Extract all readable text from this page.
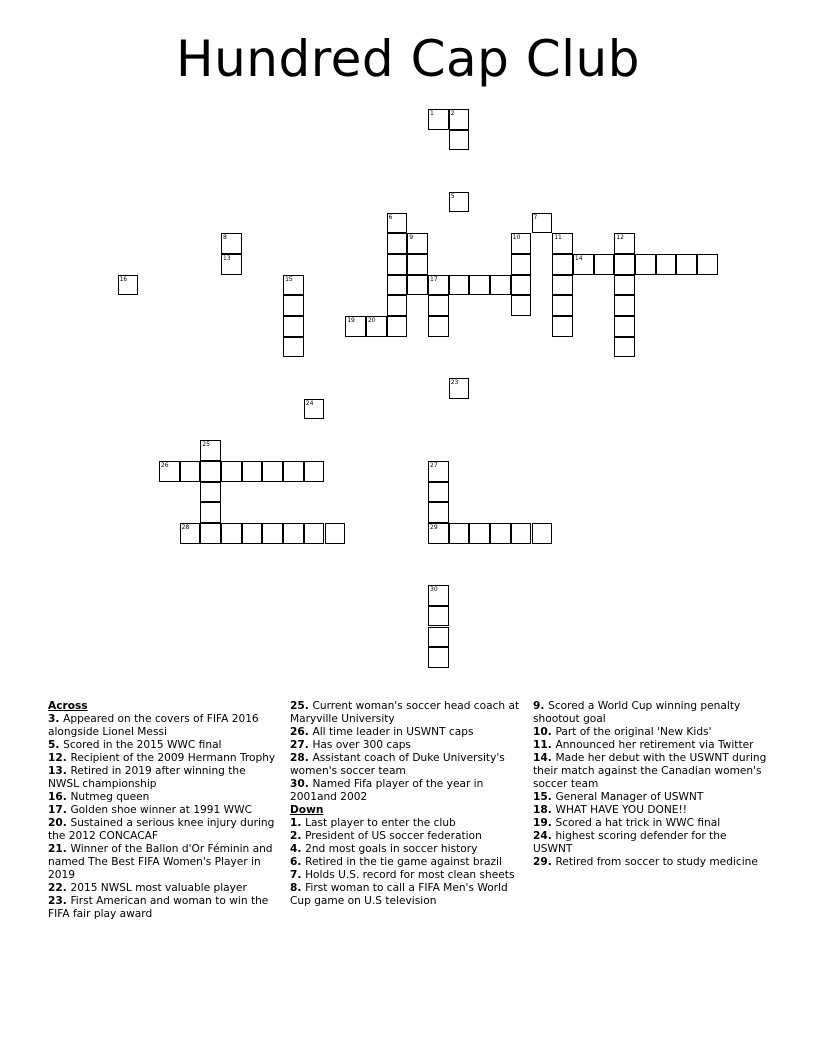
Hundred Cap Club
1	2
5
6	7
8
13
9	10	11	12
14
15
16	17
19 20
23
24
25
26	27
29
28
30

Across

3. Appeared on the covers of FIFA 2016 alongside Lionel Messi

5. Scored in the 2015 WWC final

12. Recipient of the 2009 Hermann Trophy

13. Retired in 2019 after winning the NWSL championship

16. Nutmeg queen

17. Golden shoe winner at 1991 WWC

20. Sustained a serious knee injury during the 2012 CONCACAF

21. Winner of the Ballon d'Or Féminin and named The Best FIFA Women's Player in 2019

22. 2015 NWSL most valuable player

23. First American and woman to win the FIFA fair play award

25. Current woman's soccer head coach at Maryville University

26. All time leader in USWNT caps

27. Has over 300 caps

28. Assistant coach of Duke University's women's soccer team

30. Named Fifa player of the year in 2001and 2002

Down

1. Last player to enter the club

2. President of US soccer federation

4. 2nd most goals in soccer history

6. Retired in the tie game against brazil

7. Holds U.S. record for most clean sheets

8. First woman to call a FIFA Men's World Cup game on U.S television

9. Scored a World Cup winning penalty shootout goal

10. Part of the original 'New Kids'

11. Announced her retirement via Twitter

14. Made her debut with the USWNT during their match against the Canadian women's soccer team

15. General Manager of USWNT

18. WHAT HAVE YOU DONE!!

19. Scored a hat trick in WWC final

24. highest scoring defender for the USWNT

29. Retired from soccer to study medicine
